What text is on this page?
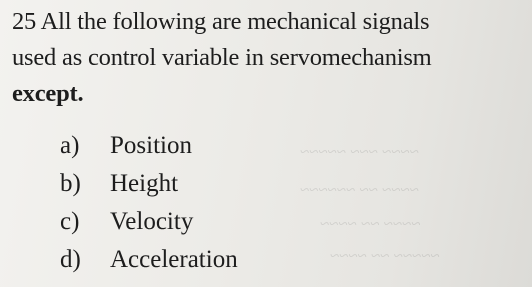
~~~~ ~~~ ~~~~~
~~~~ ~~ ~~~~~~
~~~~ ~~ ~~~~
~~~~~ ~~ ~~~~
25 All the following are mechanical signals
used as control variable in servomechanism
except.
a) Position
b) Height
c) Velocity
d) Acceleration
